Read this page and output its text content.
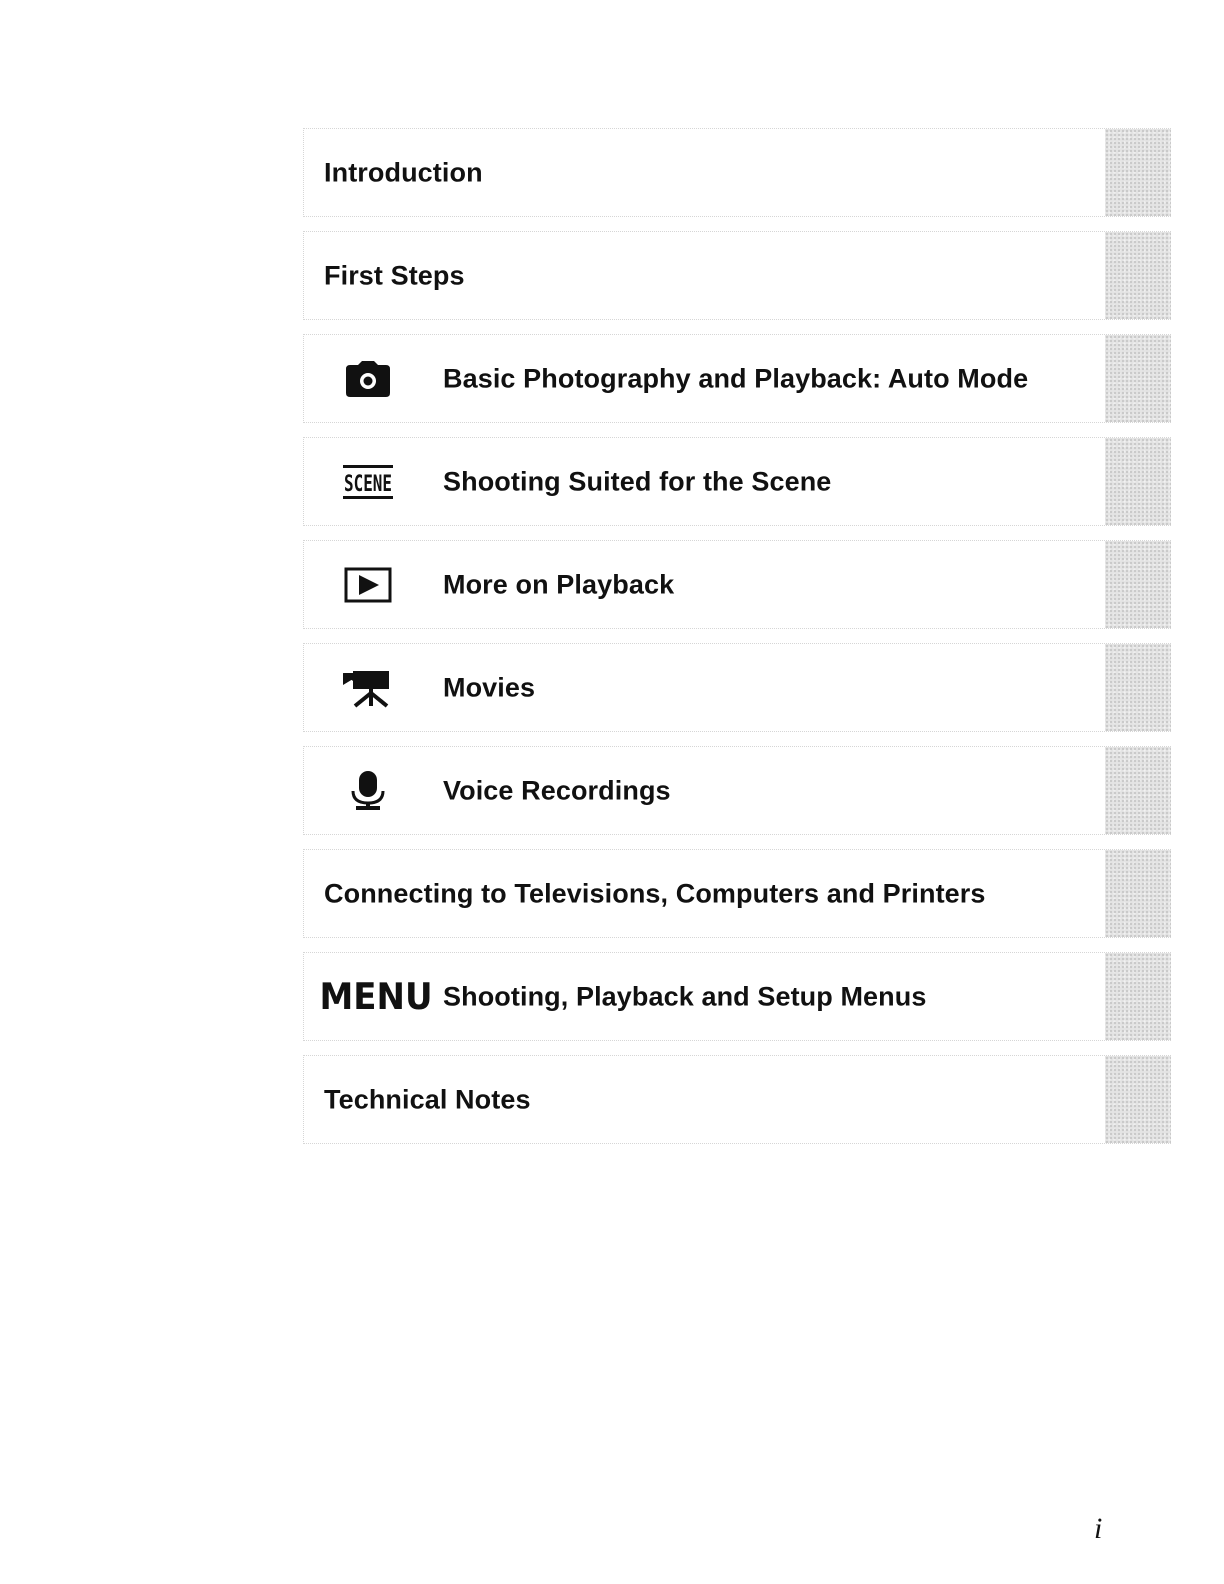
Introduction
First Steps
Basic Photography and Playback: Auto Mode
SCENE Shooting Suited for the Scene
More on Playback
Movies
Voice Recordings
Connecting to Televisions, Computers and Printers
MENU Shooting, Playback and Setup Menus
Technical Notes
i
